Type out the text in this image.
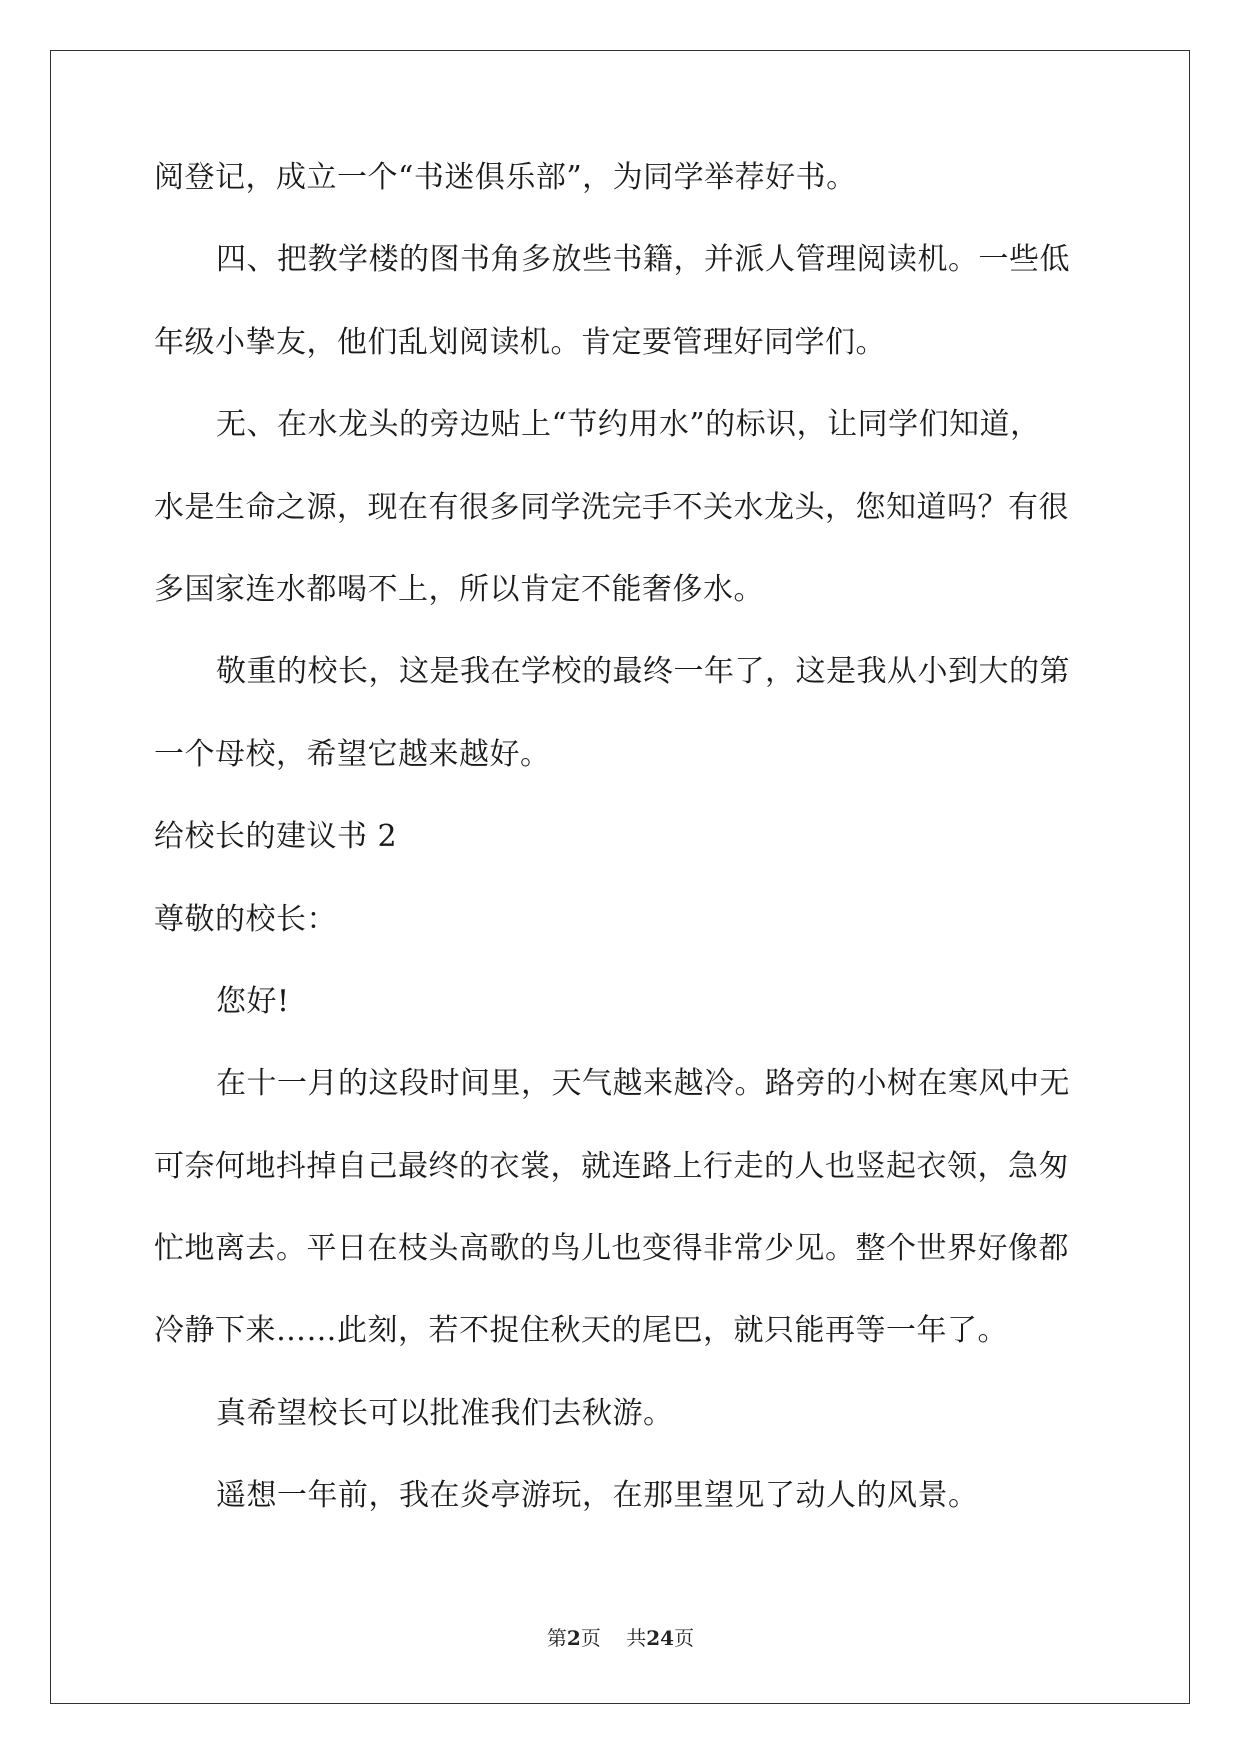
阅登记，成立一个“书迷俱乐部”，为同学举荐好书。

四、把教学楼的图书角多放些书籍，并派人管理阅读机。一些低

年级小挚友，他们乱划阅读机。肯定要管理好同学们。

无、在水龙头的旁边贴上“节约用水”的标识，让同学们知道，

水是生命之源，现在有很多同学洗完手不关水龙头，您知道吗？有很

多国家连水都喝不上，所以肯定不能奢侈水。

敬重的校长，这是我在学校的最终一年了，这是我从小到大的第

一个母校，希望它越来越好。

给校长的建议书 2

尊敬的校长：

您好!

在十一月的这段时间里，天气越来越冷。路旁的小树在寒风中无

可奈何地抖掉自己最终的衣裳，就连路上行走的人也竖起衣领，急匆

忙地离去。平日在枝头高歌的鸟儿也变得非常少见。整个世界好像都

冷静下来……此刻，若不捉住秋天的尾巴，就只能再等一年了。

真希望校长可以批准我们去秋游。

遥想一年前，我在炎亭游玩，在那里望见了动人的风景。

第2页 共24页
